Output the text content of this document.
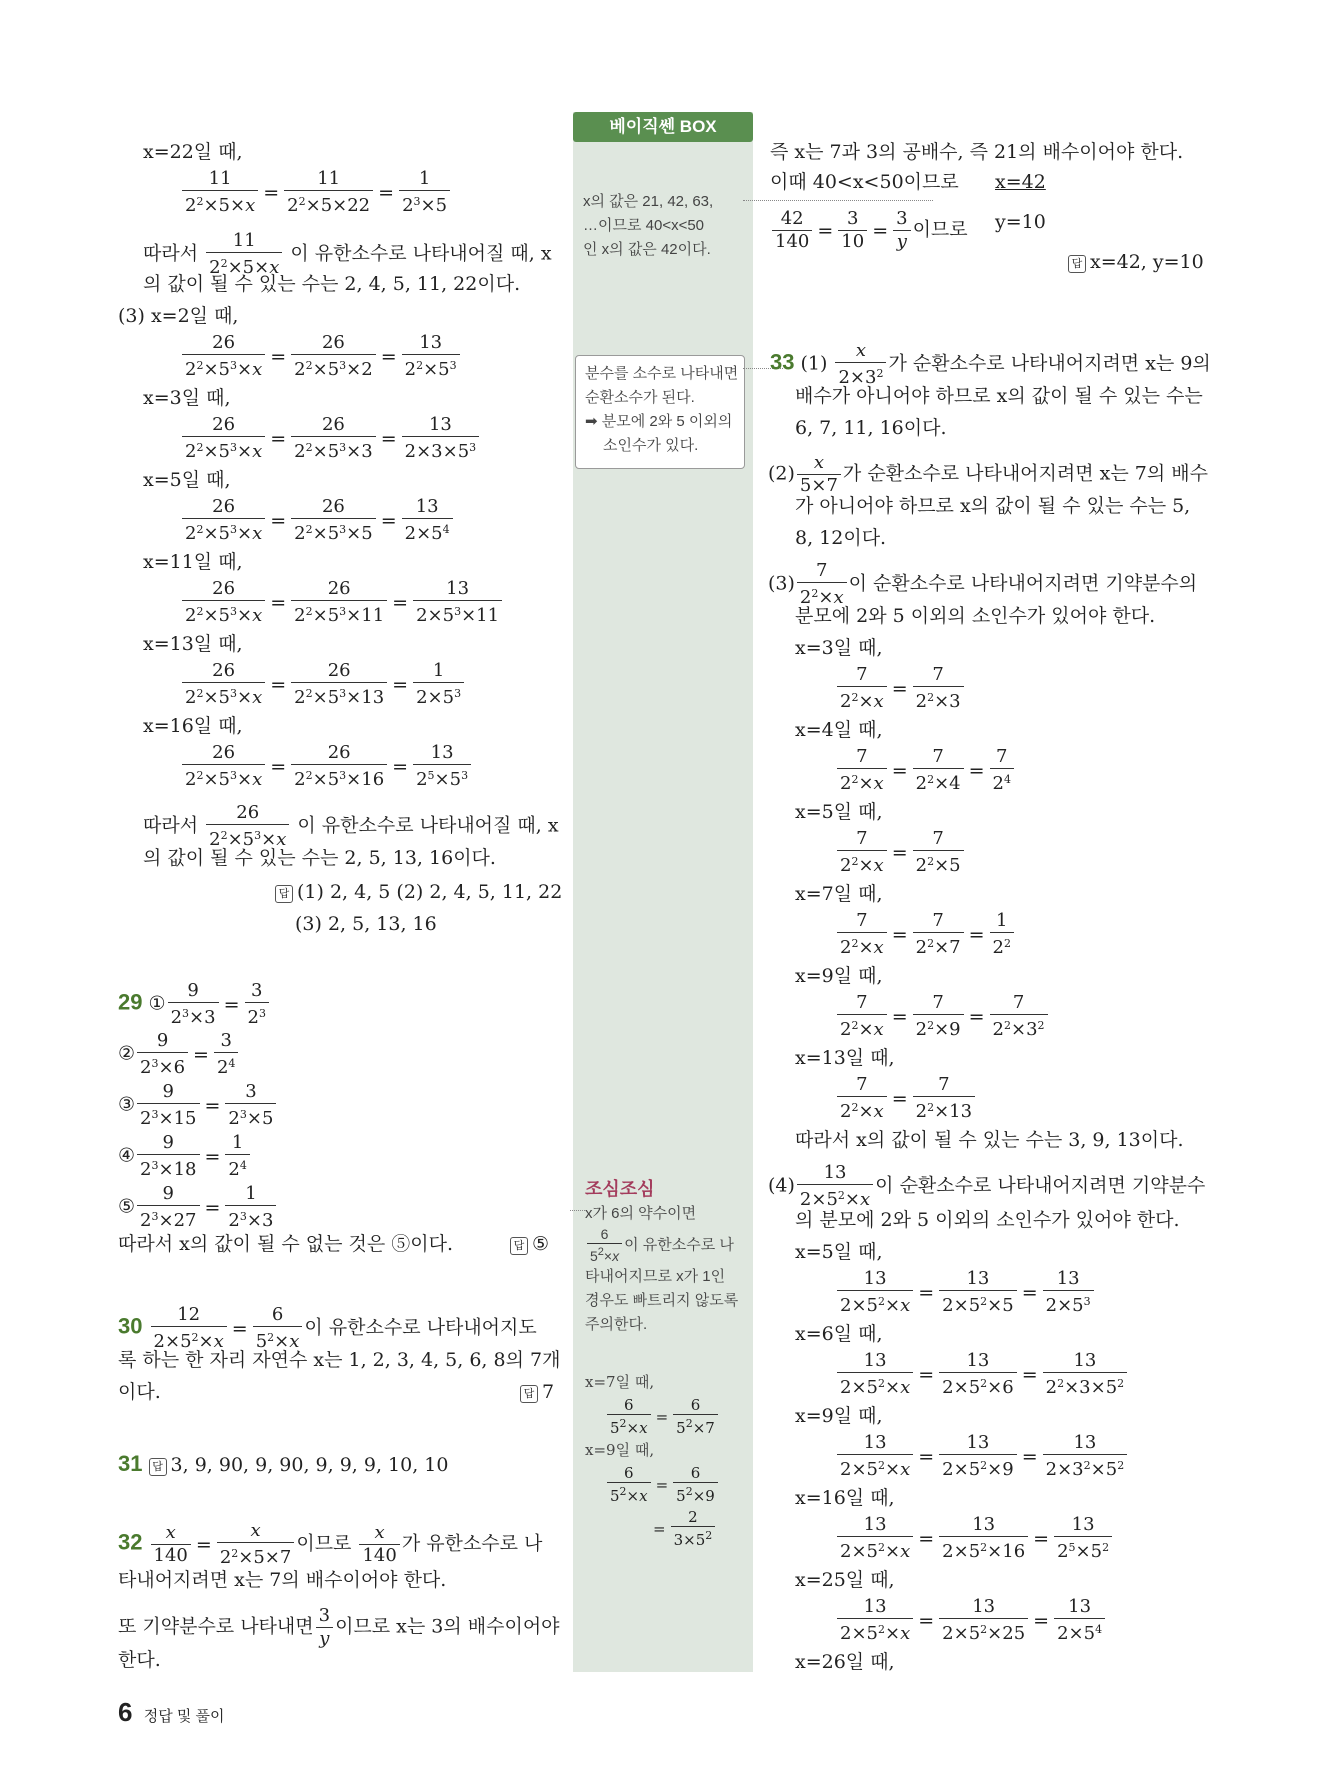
x=22일 때,
$\frac{11}{2^2\times 5\times x} = \frac{11}{2^2\times 5\times 22} = \frac{1}{2^3\times 5}$
따라서 $\frac{11}{2^2\times 5\times x}$ 이 유한소수로 나타내어질 때, x
의 값이 될 수 있는 수는 2, 4, 5, 11, 22이다.
(3) x=2일 때,
$\frac{26}{2^2\times 5^3\times x} = \frac{26}{2^2\times 5^3\times 2} = \frac{13}{2^2\times 5^3}$
x=3일 때,
$\frac{26}{2^2\times 5^3\times x} = \frac{26}{2^2\times 5^3\times 3} = \frac{13}{2\times 3\times 5^3}$
x=5일 때,
$\frac{26}{2^2\times 5^3\times x} = \frac{26}{2^2\times 5^3\times 5} = \frac{13}{2\times 5^4}$
x=11일 때,
$\frac{26}{2^2\times 5^3\times x} = \frac{26}{2^2\times 5^3\times 11} = \frac{13}{2\times 5^3\times 11}$
x=13일 때,
$\frac{26}{2^2\times 5^3\times x} = \frac{26}{2^2\times 5^3\times 13} = \frac{1}{2\times 5^3}$
x=16일 때,
$\frac{26}{2^2\times 5^3\times x} = \frac{26}{2^2\times 5^3\times 16} = \frac{13}{2^5\times 5^3}$
따라서 $\frac{26}{2^2\times 5^3\times x}$ 이 유한소수로 나타내어질 때, x
의 값이 될 수 있는 수는 2, 5, 13, 16이다.
답 (1) 2, 4, 5 (2) 2, 4, 5, 11, 22
(3) 2, 5, 13, 16
29 ① $\frac{9}{2^3\times 3} = \frac{3}{2^3}$
② $\frac{9}{2^3\times 6} = \frac{3}{2^4}$
③ $\frac{9}{2^3\times 15} = \frac{3}{2^3\times 5}$
④ $\frac{9}{2^3\times 18} = \frac{1}{2^4}$
⑤ $\frac{9}{2^3\times 27} = \frac{1}{2^3\times 3}$
따라서 x의 값이 될 수 없는 것은 ⑤이다.	답 ⑤
$30 \frac{12}{2\times 5^2\times x} = \frac{6}{5^2\times x}$ 이 유한소수로 나타내어지도
록 하는 한 자리 자연수 x는 1, 2, 3, 4, 5, 6, 8의 7개
이다.	답 7
31 답 3, 9, 90, 9, 90, 9, 9, 9, 10, 10
$32 \frac{x}{140} = \frac{x}{2^2\times 5\times 7}$ 이므로 $\frac{x}{140}$ 가 유한소수로 나
타내어지려면 x는 7의 배수이어야 한다.
또 기약분수로 나타내면 $\frac{3}{y}$ 이므로 x는 3의 배수이어야
한다.
베이직쎈 BOX
x의 값은 21, 42, 63,
…이므로 40<x<50
인 x의 값은 42이다.
분수를 소수로 나타내면
순환소수가 된다.
➡ 분모에 2와 5 이외의
소인수가 있다.
조심조심
x가 6의 약수이면
$\frac{6}{5^2\times x}$ 이 유한소수로 나
타내어지므로 x가 1인
경우도 빠트리지 않도록
주의한다.
x=7일 때,
$\frac{6}{5^2\times x} = \frac{6}{5^2\times 7}$
x=9일 때,
$\frac{6}{5^2\times x} = \frac{6}{5^2\times 9}$
= $\frac{2}{3\times 5^2}$
즉 x는 7과 3의 공배수, 즉 21의 배수이어야 한다.
이때 40<x<50이므로 x=42
$\frac{42}{140} = \frac{3}{10} = \frac{3}{y}$ 이므로 y=10
답 x=42, y=10
33 $(1) \frac{x}{2\times 3^2}$ 가 순환소수로 나타내어지려면 x는 9의
배수가 아니어야 하므로 x의 값이 될 수 있는 수는
6, 7, 11, 16이다.
$(2) \frac{x}{5\times 7}$ 가 순환소수로 나타내어지려면 x는 7의 배수
가 아니어야 하므로 x의 값이 될 수 있는 수는 5,
8, 12이다.
$(3) \frac{7}{2^2\times x}$ 이 순환소수로 나타내어지려면 기약분수의
분모에 2와 5 이외의 소인수가 있어야 한다.
x=3일 때,
$\frac{7}{2^2\times x} = \frac{7}{2^2\times 3}$
x=4일 때,
$\frac{7}{2^2\times x} = \frac{7}{2^2\times 4} = \frac{7}{2^4}$
x=5일 때,
$\frac{7}{2^2\times x} = \frac{7}{2^2\times 5}$
x=7일 때,
$\frac{7}{2^2\times x} = \frac{7}{2^2\times 7} = \frac{1}{2^2}$
x=9일 때,
$\frac{7}{2^2\times x} = \frac{7}{2^2\times 9} = \frac{7}{2^2\times 3^2}$
x=13일 때,
$\frac{7}{2^2\times x} = \frac{7}{2^2\times 13}$
따라서 x의 값이 될 수 있는 수는 3, 9, 13이다.
$(4) \frac{13}{2\times 5^2\times x}$ 이 순환소수로 나타내어지려면 기약분수
의 분모에 2와 5 이외의 소인수가 있어야 한다.
x=5일 때,
$\frac{13}{2\times 5^2\times x} = \frac{13}{2\times 5^2\times 5} = \frac{13}{2\times 5^3}$
x=6일 때,
$\frac{13}{2\times 5^2\times x} = \frac{13}{2\times 5^2\times 6} = \frac{13}{2^2\times 3\times 5^2}$
x=9일 때,
$\frac{13}{2\times 5^2\times x} = \frac{13}{2\times 5^2\times 9} = \frac{13}{2\times 3^2\times 5^2}$
x=16일 때,
$\frac{13}{2\times 5^2\times x} = \frac{13}{2\times 5^2\times 16} = \frac{13}{2^5\times 5^2}$
x=25일 때,
$\frac{13}{2\times 5^2\times x} = \frac{13}{2\times 5^2\times 25} = \frac{13}{2\times 5^4}$
x=26일 때,
6 정답 및 풀이
